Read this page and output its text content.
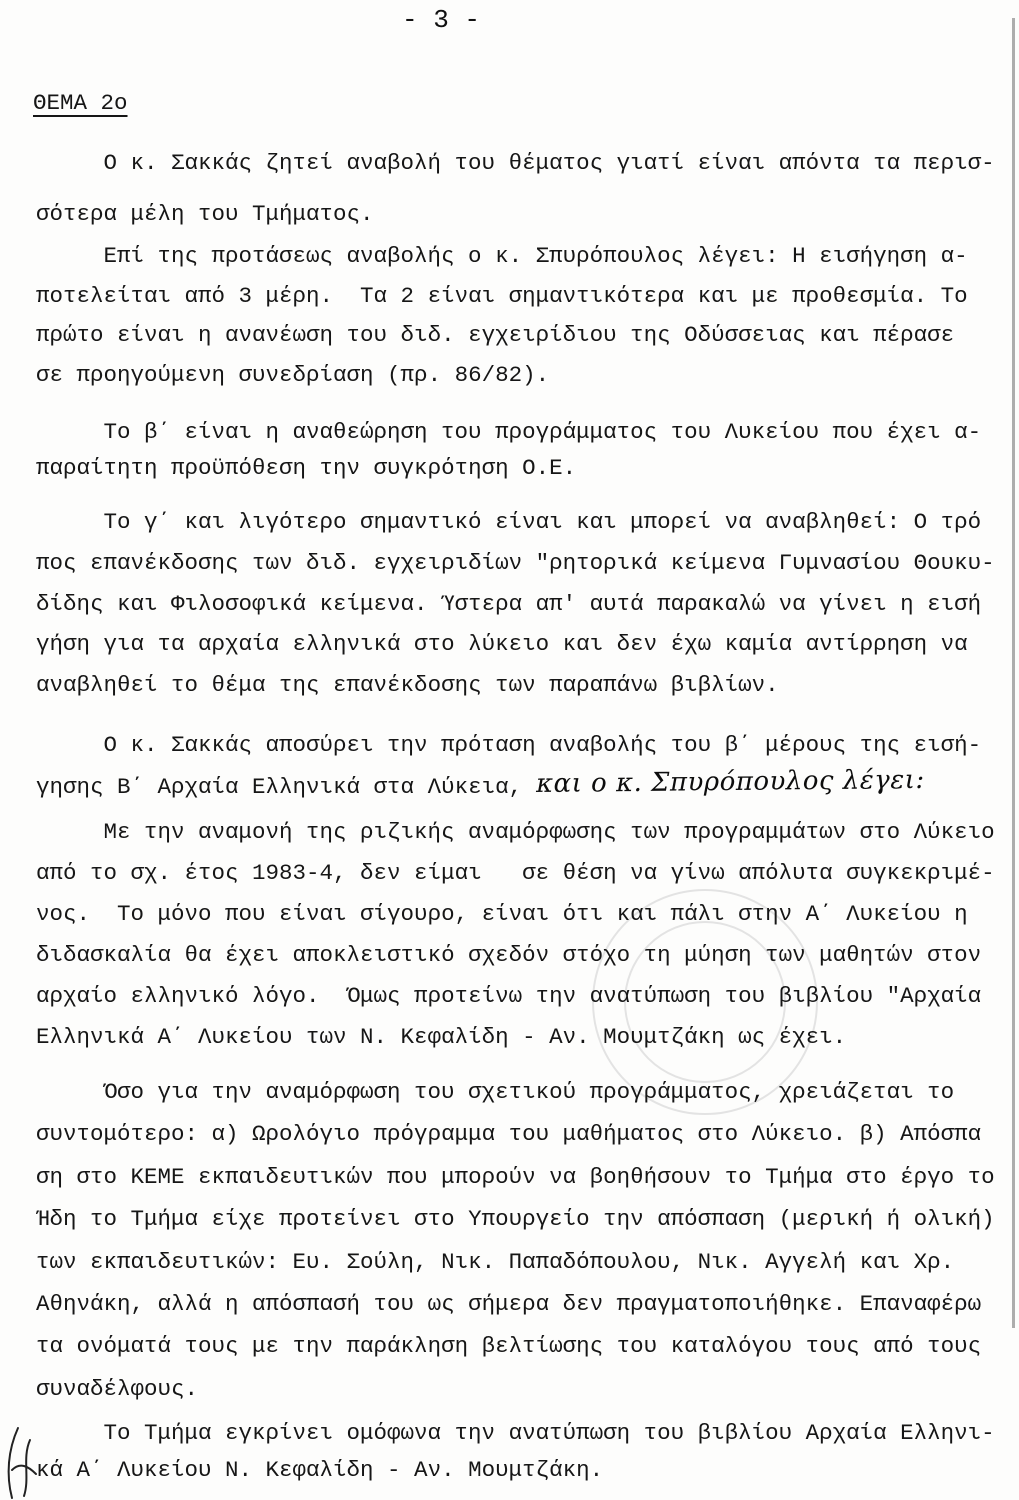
- 3 -
ΘΕΜΑ 2ο
Ο κ. Σακκάς ζητεί αναβολή του θέματος γιατί είναι απόντα τα περισ-
σότερα μέλη του Τμήματος.
Επί της προτάσεως αναβολής ο κ. Σπυρόπουλος λέγει: Η εισήγηση α-
ποτελείται από 3 μέρη.  Τα 2 είναι σημαντικότερα και με προθεσμία. Το
πρώτο είναι η ανανέωση του διδ. εγχειρίδιου της Οδύσσειας και πέρασε
σε προηγούμενη συνεδρίαση (πρ. 86/82).
Το β΄ είναι η αναθεώρηση του προγράμματος του Λυκείου που έχει α-
παραίτητη προϋπόθεση την συγκρότηση Ο.Ε.
Το γ΄ και λιγότερο σημαντικό είναι και μπορεί να αναβληθεί: Ο τρό
πος επανέκδοσης των διδ. εγχειριδίων "ρητορικά κείμενα Γυμνασίου Θουκυ-
δίδης και Φιλοσοφικά κείμενα. Ύστερα απ' αυτά παρακαλώ να γίνει η εισή
γήση για τα αρχαία ελληνικά στο λύκειο και δεν έχω καμία αντίρρηση να
αναβληθεί το θέμα της επανέκδοσης των παραπάνω βιβλίων.
Ο κ. Σακκάς αποσύρει την πρόταση αναβολής του β΄ μέρους της εισή-
γησης Β΄ Αρχαία Ελληνικά στα Λύκεια, και ο κ. Σπυρόπουλος λέγει:
Με την αναμονή της ριζικής αναμόρφωσης των προγραμμάτων στο Λύκειο
από το σχ. έτος 1983-4, δεν είμαι   σε θέση να γίνω απόλυτα συγκεκριμέ-
νος.  Το μόνο που είναι σίγουρο, είναι ότι και πάλι στην Α΄ Λυκείου η
διδασκαλία θα έχει αποκλειστικό σχεδόν στόχο τη μύηση των μαθητών στον
αρχαίο ελληνικό λόγο.  Όμως προτείνω την ανατύπωση του βιβλίου "Αρχαία
Ελληνικά Α΄ Λυκείου των Ν. Κεφαλίδη - Αν. Μουμτζάκη ως έχει.
Όσο για την αναμόρφωση του σχετικού προγράμματος, χρειάζεται το
συντομότερο: α) Ωρολόγιο πρόγραμμα του μαθήματος στο Λύκειο. β) Απόσπα
ση στο ΚΕΜΕ εκπαιδευτικών που μπορούν να βοηθήσουν το Τμήμα στο έργο το
Ήδη το Τμήμα είχε προτείνει στο Υπουργείο την απόσπαση (μερική ή ολική)
των εκπαιδευτικών: Ευ. Σούλη, Νικ. Παπαδόπουλου, Νικ. Αγγελή και Χρ.
Αθηνάκη, αλλά η απόσπασή του ως σήμερα δεν πραγματοποιήθηκε. Επαναφέρω
τα ονόματά τους με την παράκληση βελτίωσης του καταλόγου τους από τους
συναδέλφους.
Το Τμήμα εγκρίνει ομόφωνα την ανατύπωση του βιβλίου Αρχαία Ελληνι-
κά Α΄ Λυκείου Ν. Κεφαλίδη - Αν. Μουμτζάκη.
